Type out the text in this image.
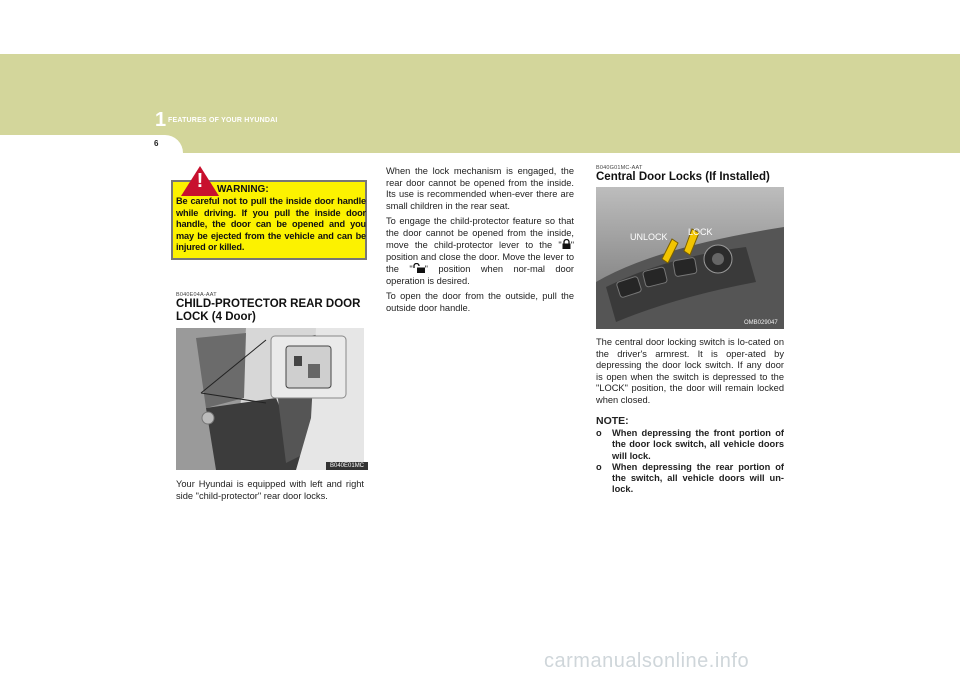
1 FEATURES OF YOUR HYUNDAI
6
! WARNING:
Be careful not to pull the inside door handle while driving. If you pull the inside door handle, the door can be opened and you may be ejected from the vehicle and can be injured or killed.
B040E04A-AAT
CHILD-PROTECTOR REAR DOOR
LOCK (4 Door)
B040E01MC
Your Hyundai is equipped with left and right side "child-protector" rear door locks.

When the lock mechanism is engaged, the rear door cannot be opened from the inside. Its use is recommended when-ever there are small children in the rear seat.

To engage the child-protector feature so that the door cannot be opened from the inside, move the child-protector lever to the " " position and close the door. Move the lever to the " " position when nor-mal door operation is desired.

To open the door from the outside, pull the outside door handle.

B040G01MC-AAT
Central Door Locks (If Installed)
UNLOCK LOCK
OMB029047
The central door locking switch is lo-cated on the driver's armrest. It is oper-ated by depressing the door lock switch. If any door is open when the switch is depressed to the "LOCK" position, the door will remain locked when closed.
NOTE:
o When depressing the front portion of the door lock switch, all vehicle doors will lock.
o When depressing the rear portion of the switch, all vehicle doors will un-lock.
carmanualsonline.info
